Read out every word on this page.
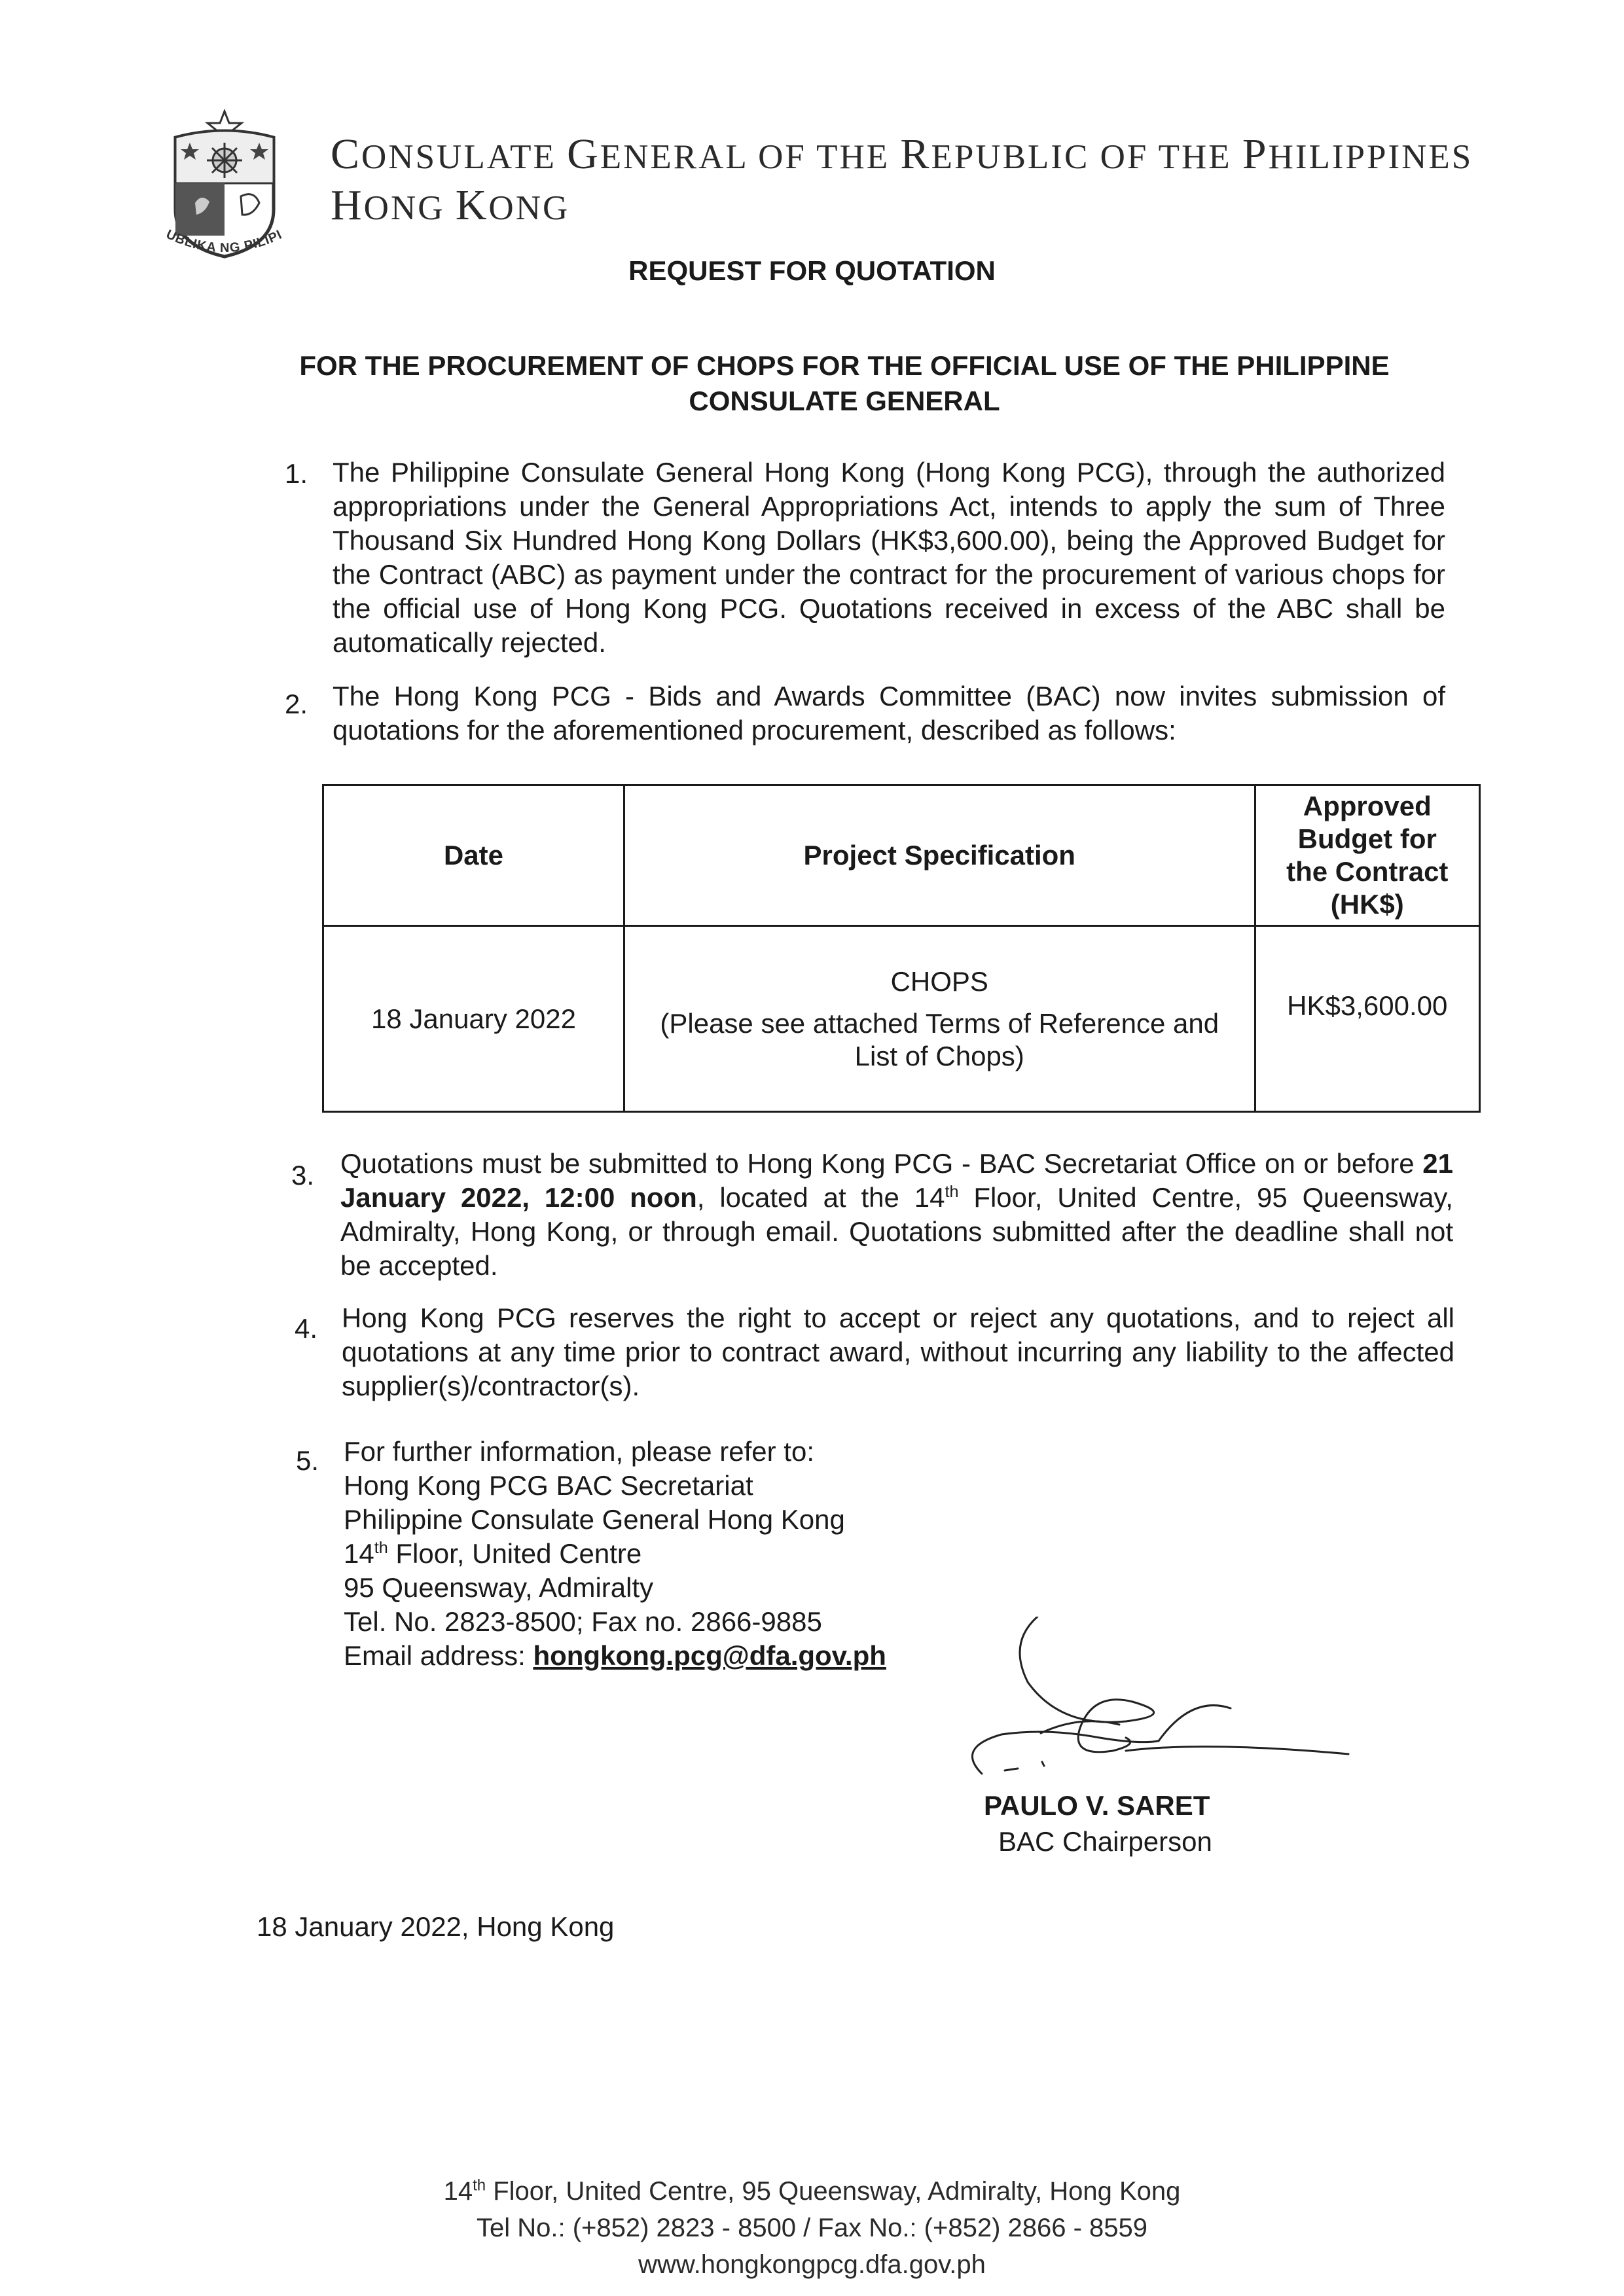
UBLIKA NG PILIPI
CONSULATE GENERAL OF THE REPUBLIC OF THE PHILIPPINES
HONG KONG
REQUEST FOR QUOTATION
FOR THE PROCUREMENT OF CHOPS FOR THE OFFICIAL USE OF THE PHILIPPINE CONSULATE GENERAL
1. The Philippine Consulate General Hong Kong (Hong Kong PCG), through the authorized appropriations under the General Appropriations Act, intends to apply the sum of Three Thousand Six Hundred Hong Kong Dollars (HK$3,600.00), being the Approved Budget for the Contract (ABC) as payment under the contract for the procurement of various chops for the official use of Hong Kong PCG. Quotations received in excess of the ABC shall be automatically rejected.
2. The Hong Kong PCG - Bids and Awards Committee (BAC) now invites submission of quotations for the aforementioned procurement, described as follows:
Date	Project Specification	Approved
Budget for
the Contract
(HK$)

18 January 2022	CHOPS
(Please see attached Terms of Reference and
List of Chops)	HK$3,600.00
3. Quotations must be submitted to Hong Kong PCG - BAC Secretariat Office on or before 21 January 2022, 12:00 noon, located at the 14th Floor, United Centre, 95 Queensway, Admiralty, Hong Kong, or through email. Quotations submitted after the deadline shall not be accepted.
4. Hong Kong PCG reserves the right to accept or reject any quotations, and to reject all quotations at any time prior to contract award, without incurring any liability to the affected supplier(s)/contractor(s).
5. For further information, please refer to:
Hong Kong PCG BAC Secretariat
Philippine Consulate General Hong Kong
14th Floor, United Centre
95 Queensway, Admiralty
Tel. No. 2823-8500; Fax no. 2866-9885
Email address: hongkong.pcg@dfa.gov.ph
PAULO V. SARET
BAC Chairperson
18 January 2022, Hong Kong
14th Floor, United Centre, 95 Queensway, Admiralty, Hong Kong
Tel No.: (+852) 2823 - 8500 / Fax No.: (+852) 2866 - 8559
www.hongkongpcg.dfa.gov.ph
